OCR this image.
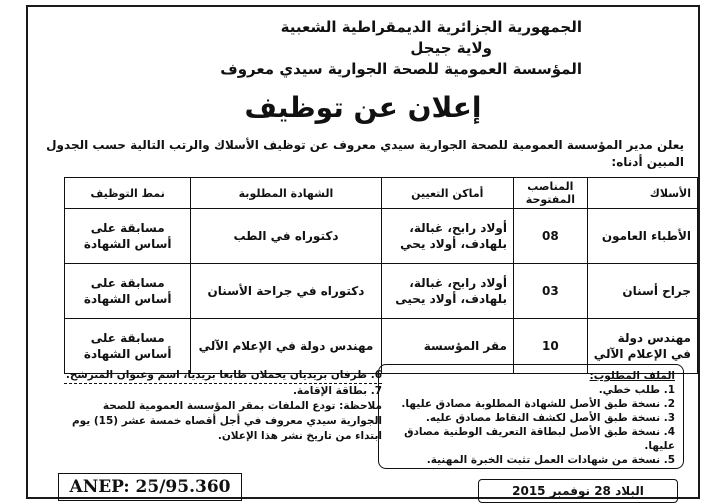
الجمهورية الجزائرية الديمقراطية الشعبية
ولاية جيجل
المؤسسة العمومية للصحة الجوارية سيدي معروف
إعلان عن توظيف
يعلن مدير المؤسسة العمومية للصحة الجوارية سيدي معروف عن توظيف الأسلاك والرتب التالية حسب الجدول المبين أدناه:
الأسلاك	المناصب المفتوحة	أماكن التعيين	الشهادة المطلوبة	نمط التوظيف
الأطباء العامون	08	أولاد رابح، غبالة، بلهادف، أولاد يحي	دكتوراه في الطب	مسابقة على أساس الشهادة
جراح أسنان	03	أولاد رابح، غبالة، بلهادف، أولاد يحيى	دكتوراه في جراحة الأسنان	مسابقة على أساس الشهادة
مهندس دولة في الإعلام الآلي	10	مقر المؤسسة	مهندس دولة في الإعلام الآلي	مسابقة على أساس الشهادة
الملف المطلوب:
1. طلب خطي.
2. نسخة طبق الأصل للشهادة المطلوبة مصادق عليها.
3. نسخة طبق الأصل لكشف النقاط مصادق عليه.
4. نسخة طبق الأصل لبطاقة التعريف الوطنية مصادق عليها.
5. نسخة من شهادات العمل تثبت الخبرة المهنية.
6. ظرفان بريديان يحملان طابعا بريديا، اسم وعنوان المترشح.
7. بطاقة الإقامة.
ملاحظة: تودع الملفات بمقر المؤسسة العمومية للصحة الجوارية سيدي معروف في أجل أقصاه خمسة عشر (15) يوم ابتداء من تاريخ نشر هذا الإعلان.
ANEP: 25/95.360	البلاد 28 نوفمبر 2015
